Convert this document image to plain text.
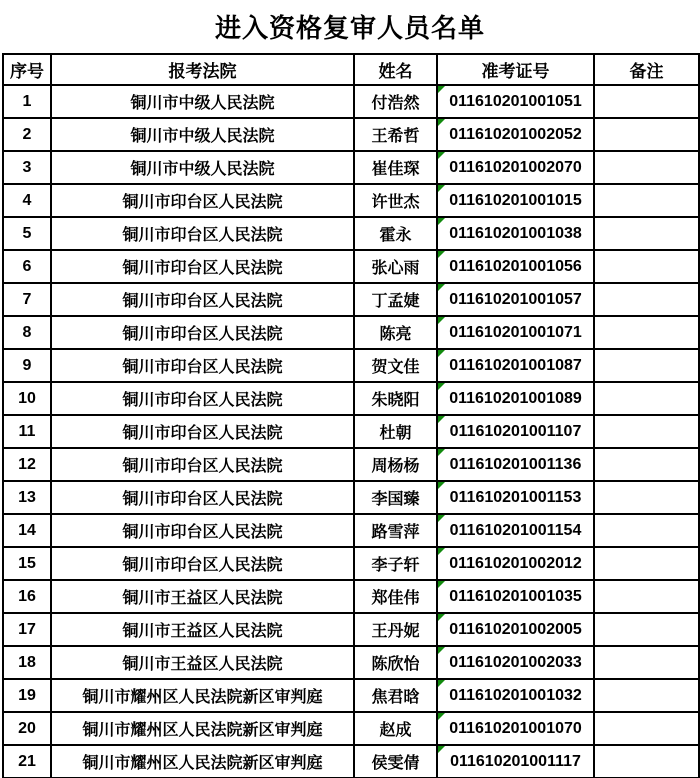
进入资格复审人员名单
序号	报考法院	姓名	准考证号	备注
1	铜川市中级人民法院	付浩然	011610201001051	
2	铜川市中级人民法院	王希哲	011610201002052	
3	铜川市中级人民法院	崔佳琛	011610201002070	
4	铜川市印台区人民法院	许世杰	011610201001015	
5	铜川市印台区人民法院	霍永	011610201001038	
6	铜川市印台区人民法院	张心雨	011610201001056	
7	铜川市印台区人民法院	丁孟婕	011610201001057	
8	铜川市印台区人民法院	陈亮	011610201001071	
9	铜川市印台区人民法院	贺文佳	011610201001087	
10	铜川市印台区人民法院	朱晓阳	011610201001089	
11	铜川市印台区人民法院	杜朝	011610201001107	
12	铜川市印台区人民法院	周杨杨	011610201001136	
13	铜川市印台区人民法院	李国臻	011610201001153	
14	铜川市印台区人民法院	路雪萍	011610201001154	
15	铜川市印台区人民法院	李子轩	011610201002012	
16	铜川市王益区人民法院	郑佳伟	011610201001035	
17	铜川市王益区人民法院	王丹妮	011610201002005	
18	铜川市王益区人民法院	陈欣怡	011610201002033	
19	铜川市耀州区人民法院新区审判庭	焦君晗	011610201001032	
20	铜川市耀州区人民法院新区审判庭	赵成	011610201001070	
21	铜川市耀州区人民法院新区审判庭	侯雯倩	011610201001117	
